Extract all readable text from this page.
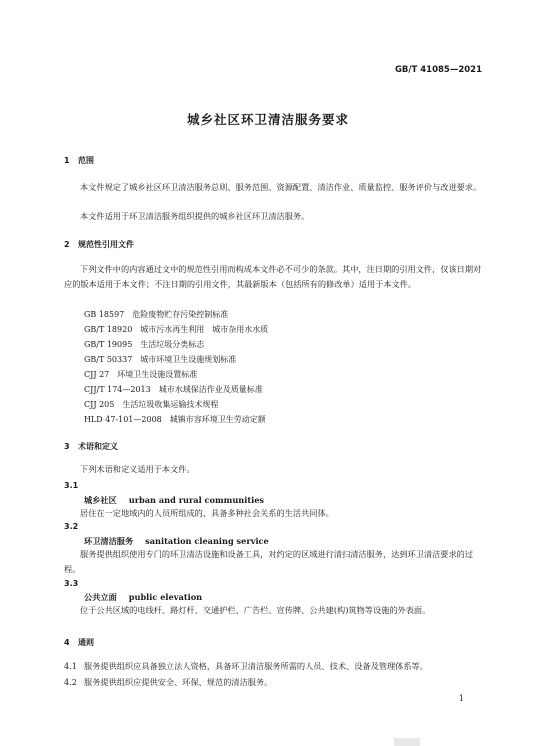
GB/T 41085—2021
城乡社区环卫清洁服务要求
1 范围
本文件规定了城乡社区环卫清洁服务总则、服务范围、资源配置、清洁作业、质量监控、服务评价与改进要求。
本文件适用于环卫清洁服务组织提供的城乡社区环卫清洁服务。
2 规范性引用文件
下列文件中的内容通过文中的规范性引用而构成本文件必不可少的条款。其中，注日期的引用文件，仅该日期对应的版本适用于本文件；不注日期的引用文件，其最新版本（包括所有的修改单）适用于本文件。
GB 18597 危险废物贮存污染控制标准
GB/T 18920 城市污水再生利用　城市杂用水水质
GB/T 19095 生活垃圾分类标志
GB/T 50337 城市环境卫生设施规划标准
CJJ 27 环境卫生设施设置标准
CJJ/T 174—2013 城市水域保洁作业及质量标准
CJJ 205 生活垃圾收集运输技术规程
HLD 47-101—2008 城镇市容环境卫生劳动定额
3 术语和定义
下列术语和定义适用于本文件。
3.1
城乡社区 urban and rural communities
居住在一定地域内的人员所组成的、具备多种社会关系的生活共同体。
3.2
环卫清洁服务 sanitation cleaning service
服务提供组织使用专门的环卫清洁设施和设备工具，对约定的区域进行清扫清洁服务，达到环卫清洁要求的过程。
3.3
公共立面 public elevation
位于公共区域的电线杆、路灯杆、交通护栏、广告栏、宣传牌、公共建(构)筑物等设施的外表面。
4 通则
4.1 服务提供组织应具备独立法人资格，具备环卫清洁服务所需的人员、技术、设备及管理体系等。
4.2 服务提供组织应提供安全、环保、规范的清洁服务。
1
